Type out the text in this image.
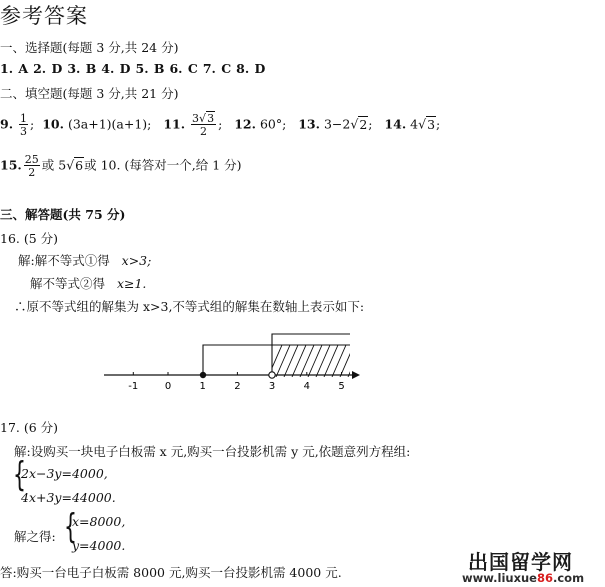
参考答案
一、选择题(每题 3 分,共 24 分)
1. A 2. D 3. B 4. D 5. B 6. C 7. C 8. D
二、填空题(每题 3 分,共 21 分)
9. $\frac{1}{3}$ ; 10. (3a+1)(a+1); 11. $\frac{3√3}{2}$ ; 12. 60°; 13. 3−2√2; 14. 4√3;
15. $\frac{25}{2}$ 或 5√6或 10. (每答对一个,给 1 分)
三、解答题(共 75 分)
16. (5 分)
解:解不等式①得 x>3;
解不等式②得 x≥1.
∴原不等式组的解集为 x>3,不等式组的解集在数轴上表示如下:
-1	0	1	2	3	4	5
17. (6 分)
解:设购买一块电子白板需 x 元,购买一台投影机需 y 元,依题意列方程组:
{
2x−3y=4000,
4x+3y=44000.
解之得: {
x=8000,
y=4000.
答:购买一台电子白板需 8000 元,购买一台投影机需 4000 元.	出国留学网
www.liuxue86.com
